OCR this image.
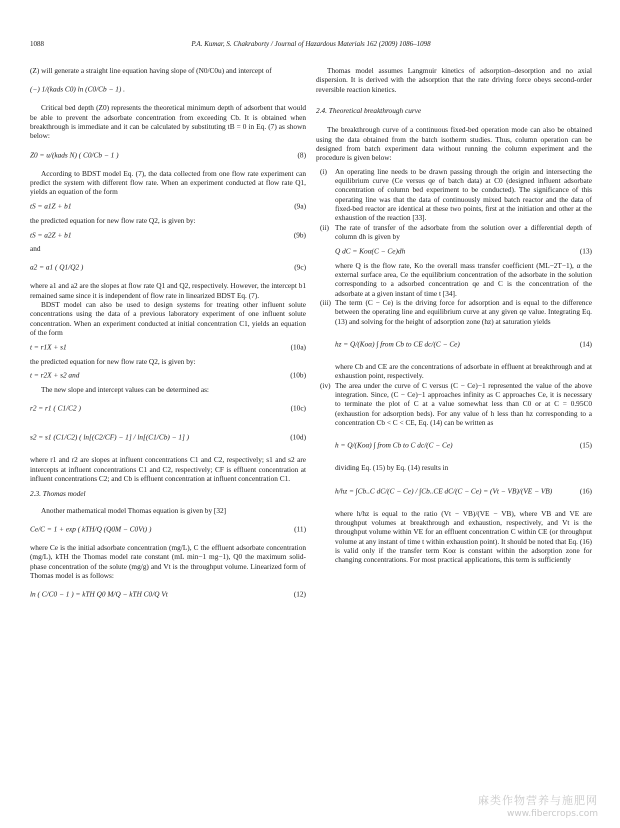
1088	P.A. Kumar, S. Chakraborty / Journal of Hazardous Materials 162 (2009) 1086–1098

(Z) will generate a straight line equation having slope of (N0/C0u) and intercept of

(−) 1/(kads C0) ln (C0/Cb − 1) .

Critical bed depth (Z0) represents the theoretical minimum depth of adsorbent that would be able to prevent the adsorbate concentration from exceeding Cb. It is obtained when breakthrough is immediate and it can be calculated by substituting tB = 0 in Eq. (7) as shown below:

Z0 = u/(kads N) ( C0/Cb − 1 )	(8)

According to BDST model Eq. (7), the data collected from one flow rate experiment can predict the system with different flow rate. When an experiment conducted at flow rate Q1, yields an equation of the form

tS = a1Z + b1	(9a)

the predicted equation for new flow rate Q2, is given by:

tS = a2Z + b1	(9b)

and

a2 = a1 ( Q1/Q2 )	(9c)

where a1 and a2 are the slopes at flow rate Q1 and Q2, respectively. However, the intercept b1 remained same since it is independent of flow rate in linearized BDST Eq. (7).

BDST model can also be used to design systems for treating other influent solute concentrations using the data of a previous laboratory experiment of one influent solute concentration. When an experiment conducted at initial concentration C1, yields an equation of the form

t = r1X + s1	(10a)

the predicted equation for new flow rate Q2, is given by:

t = r2X + s2 and	(10b)

The new slope and intercept values can be determined as:

r2 = r1 ( C1/C2 )	(10c)
s2 = s1 (C1/C2) ( ln[(C2/CF) − 1] / ln[(C1/Cb) − 1] )	(10d)

where r1 and r2 are slopes at influent concentrations C1 and C2, respectively; s1 and s2 are intercepts at influent concentrations C1 and C2, respectively; CF is effluent concentration at influent concentrations C2; and Cb is effluent concentration at influent concentration C1.

2.3. Thomas model

Another mathematical model Thomas equation is given by [32]

Ce/C = 1 + exp ( kTH/Q (Q0M − C0Vt) )	(11)

where Ce is the initial adsorbate concentration (mg/L), C the effluent adsorbate concentration (mg/L), kTH the Thomas model rate constant (mL min−1 mg−1), Q0 the maximum solid-phase concentration of the solute (mg/g) and Vt is the throughput volume. Linearized form of Thomas model is as follows:

ln ( C/C0 − 1 ) = kTH Q0 M/Q − kTH C0/Q Vt	(12)

Thomas model assumes Langmuir kinetics of adsorption–desorption and no axial dispersion. It is derived with the adsorption that the rate driving force obeys second-order reversible reaction kinetics.

2.4. Theoretical breakthrough curve

The breakthrough curve of a continuous fixed-bed operation mode can also be obtained using the data obtained from the batch isotherm studies. Thus, column operation can be designed from batch experiment data without running the column experiment and the procedure is given below:

(i) An operating line needs to be drawn passing through the origin and intersecting the equilibrium curve (Ce versus qe of batch data) at C0 (designed influent adsorbate concentration of column bed experiment to be conducted). The significance of this operating line was that the data of continuously mixed batch reactor and the data of fixed-bed reactor are identical at these two points, first at the initiation and other at the exhaustion of the reaction [33].
(ii) The rate of transfer of the adsorbate from the solution over a differential depth of column dh is given by
Q dC = Koα(C − Ce)dh	(13)
where Q is the flow rate, Ko the overall mass transfer coefficient (ML−2T−1), α the external surface area, Ce the equilibrium concentration of the adsorbate in the solution corresponding to a adsorbed concentration qe and C is the concentration of the adsorbate at a given instant of time t [34].
(iii) The term (C − Ce) is the driving force for adsorption and is equal to the difference between the operating line and equilibrium curve at any given qe value. Integrating Eq. (13) and solving for the height of adsorption zone (hz) at saturation yields
hz = Q/(Koα) ∫ from Cb to CE dc/(C − Ce)	(14)
where Cb and CE are the concentrations of adsorbate in effluent at breakthrough and at exhaustion point, respectively.
(iv) The area under the curve of C versus (C − Ce)−1 represented the value of the above integration. Since, (C − Ce)−1 approaches infinity as C approaches Ce, it is necessary to terminate the plot of C at a value somewhat less than C0 or at C = 0.95C0 (exhaustion for adsorption beds). For any value of h less than hz corresponding to a concentration Cb < C < CE, Eq. (14) can be written as
h = Q/(Koα) ∫ from Cb to C dc/(C − Ce)	(15)
dividing Eq. (15) by Eq. (14) results in
h/hz = ∫Cb..C dC/(C − Ce) / ∫Cb..CE dC/(C − Ce) = (Vt − VB)/(VE − VB)	(16)
where h/hz is equal to the ratio (Vt − VB)/(VE − VB), where VB and VE are throughput volumes at breakthrough and exhaustion, respectively, and Vt is the throughput volume within VE for an effluent concentration C within CE (or throughput volume at any instant of time t within exhaustion point). It should be noted that Eq. (16) is valid only if the transfer term Koα is constant within the adsorption zone for changing concentrations. For most practical applications, this term is sufficiently
麻类作物营养与施肥网
www.fibercrops.com
